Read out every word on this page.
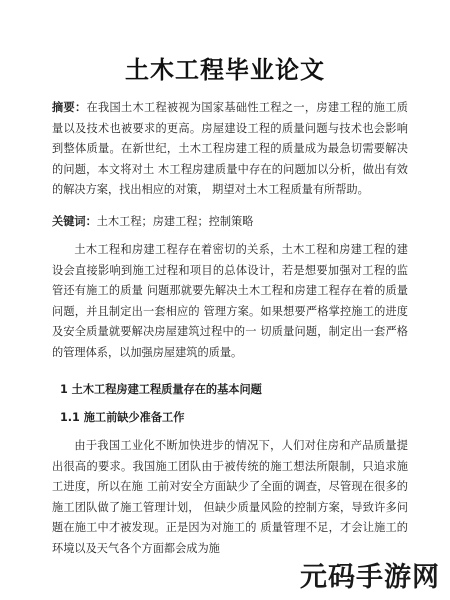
土木工程毕业论文
摘要：在我国土木工程被视为国家基础性工程之一，房建工程的施工质 量以及技术也被要求的更高。房屋建设工程的质量问题与技术也会影响到整体质量。在新世纪，土木工程房建工程的质量成为最急切需要解决的问题，本文将对土 木工程房建质量中存在的问题加以分析，做出有效的解决方案，找出相应的对策， 期望对土木工程质量有所帮助。
关键词：土木工程；房建工程；控制策略
土木工程和房建工程存在着密切的关系，土木工程和房建工程的建设会直接影响到施工过程和项目的总体设计，若是想要加强对工程的监管还有施工的质量 问题那就要先解决土木工程和房建工程存在着的质量问题，并且制定出一套相应的 管理方案。如果想要严格掌控施工的进度及安全质量就要解决房屋建筑过程中的一 切质量问题，制定出一套严格的管理体系，以加强房屋建筑的质量。
1 土木工程房建工程质量存在的基本问题
1.1 施工前缺少准备工作
由于我国工业化不断加快进步的情况下，人们对住房和产品质量提出很高的要求。我国施工团队由于被传统的施工想法所限制，只追求施工进度，所以在施 工前对安全方面缺少了全面的调查，尽管现在很多的施工团队做了施工管理计划， 但缺少质量风险的控制方案，导致许多问题在施工中才被发现。正是因为对施工的 质量管理不足，才会让施工的环境以及天气各个方面都会成为施
元码手游网
